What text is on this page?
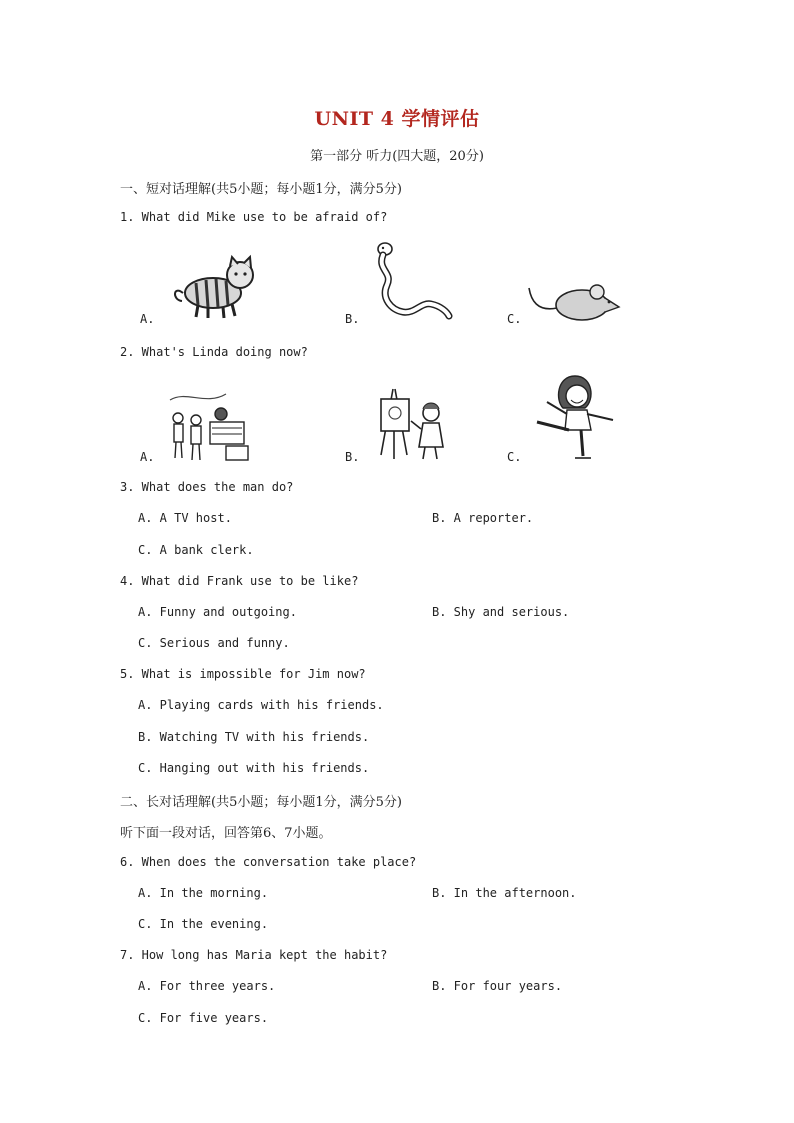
UNIT 4 学情评估
第一部分 听力(四大题，20分)
一、短对话理解(共5小题；每小题1分，满分5分)
1. What did Mike use to be afraid of?
A.	B.	C.
2. What's Linda doing now?
A.	B.	C.
3. What does the man do?
A. A TV host.	B. A reporter.
C. A bank clerk.
4. What did Frank use to be like?
A. Funny and outgoing.	B. Shy and serious.
C. Serious and funny.
5. What is impossible for Jim now?
A. Playing cards with his friends.
B. Watching TV with his friends.
C. Hanging out with his friends.
二、长对话理解(共5小题；每小题1分，满分5分)
听下面一段对话，回答第6、7小题。
6. When does the conversation take place?
A. In the morning.	B. In the afternoon.
C. In the evening.
7. How long has Maria kept the habit?
A. For three years.	B. For four years.
C. For five years.
